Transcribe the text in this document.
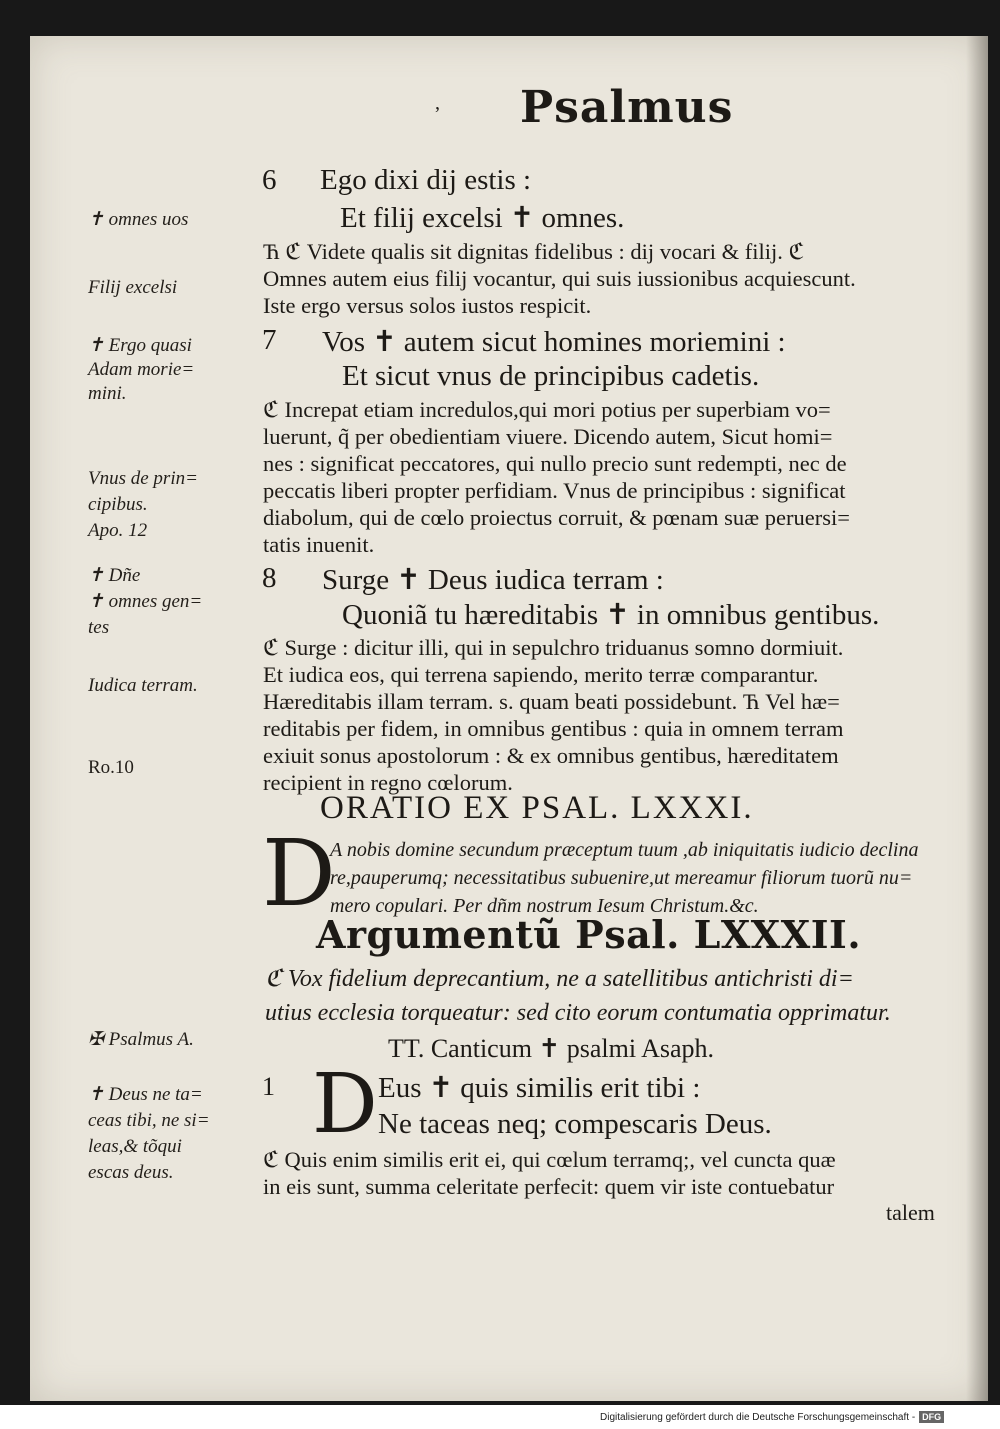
, Psalmus
✝ omnes uos
Filij excelsi
✝ Ergo quasi
Adam morie=
mini.
Vnus de prin=
cipibus.
Apo. 12
✝ Dñe
✝ omnes gen=
tes
Iudica terram.
Ro.10
✠ Psalmus A.
✝ Deus ne ta=
ceas tibi, ne si=
leas,& tõqui
escas deus.
6 Ego dixi dij estis :
Et filij excelsi ✝ omnes.
Ћ ℭ Videte qualis sit dignitas fidelibus : dij vocari & filij. ℭ
Omnes autem eius filij vocantur, qui suis iussionibus acquiescunt.
Iste ergo versus solos iustos respicit.
7 Vos ✝ autem sicut homines moriemini :
Et sicut vnus de principibus cadetis.
ℭ Increpat etiam incredulos,qui mori potius per superbiam vo=
luerunt, q̃ per obedientiam viuere. Dicendo autem, Sicut homi=
nes : significat peccatores, qui nullo precio sunt redempti, nec de
peccatis liberi propter perfidiam. Vnus de principibus : significat
diabolum, qui de cœlo proiectus corruit, & pœnam suæ peruersi=
tatis inuenit.
8 Surge ✝ Deus iudica terram :
Quoniã tu hæreditabis ✝ in omnibus gentibus.
ℭ Surge : dicitur illi, qui in sepulchro triduanus somno dormiuit.
Et iudica eos, qui terrena sapiendo, merito terræ comparantur.
Hæreditabis illam terram. s. quam beati possidebunt. Ћ Vel hæ=
reditabis per fidem, in omnibus gentibus : quia in omnem terram
exiuit sonus apostolorum : & ex omnibus gentibus, hæreditatem
recipient in regno cœlorum.
ORATIO EX PSAL. LXXXI.
D
A nobis domine secundum præceptum tuum ,ab iniquitatis iudicio declina
re,pauperumq; necessitatibus subuenire,ut mereamur filiorum tuorũ nu=
mero copulari. Per dñm nostrum Iesum Christum.&c.
Argumentũ Psal. LXXXII.
ℭ Vox fidelium deprecantium, ne a satellitibus antichristi di=
utius ecclesia torqueatur: sed cito eorum contumatia opprimatur.
TT. Canticum ✝ psalmi Asaph.
1 D Eus ✝ quis similis erit tibi :
Ne taceas neq; compescaris Deus.
ℭ Quis enim similis erit ei, qui cœlum terramq;, vel cuncta quæ
in eis sunt, summa celeritate perfecit: quem vir iste contuebatur
talem
Digitalisierung gefördert durch die Deutsche Forschungsgemeinschaft - DFG
